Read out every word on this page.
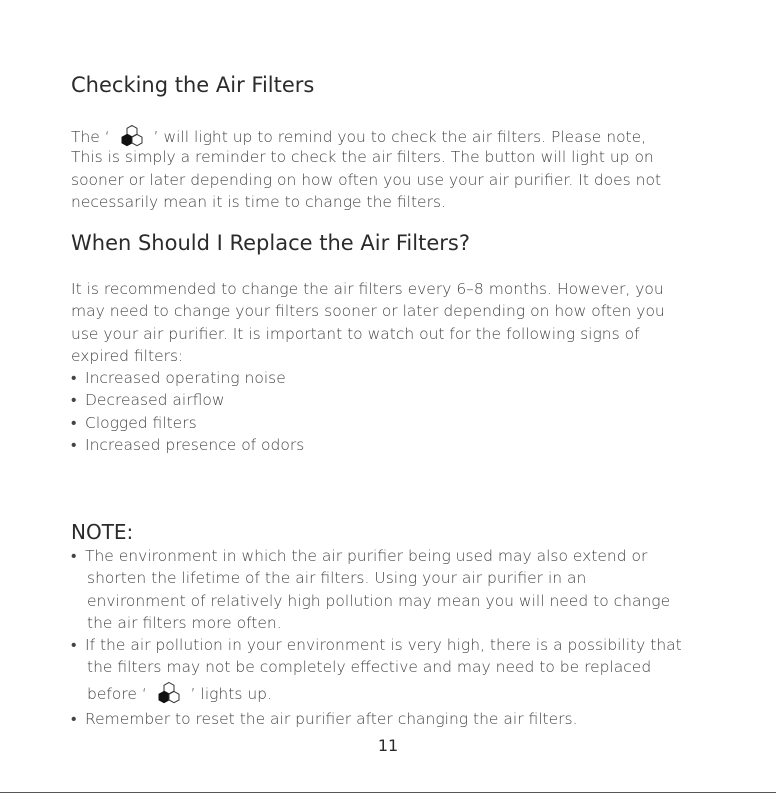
Checking the Air Filters
The ‘	’ will light up to remind you to check the air filters. Please note,
This is simply a reminder to check the air filters. The button will light up on
sooner or later depending on how often you use your air purifier. It does not
necessarily mean it is time to change the filters.
When Should I Replace the Air Filters?
It is recommended to change the air filters every 6–8 months. However, you
may need to change your filters sooner or later depending on how often you
use your air purifier. It is important to watch out for the following signs of
expired filters:
• Increased operating noise
• Decreased airflow
• Clogged filters
• Increased presence of odors
NOTE:
• The environment in which the air purifier being used may also extend or
shorten the lifetime of the air filters. Using your air purifier in an
environment of relatively high pollution may mean you will need to change
the air filters more often.
• If the air pollution in your environment is very high, there is a possibility that
the filters may not be completely effective and may need to be replaced
before ‘	’ lights up.
• Remember to reset the air purifier after changing the air filters.
11
